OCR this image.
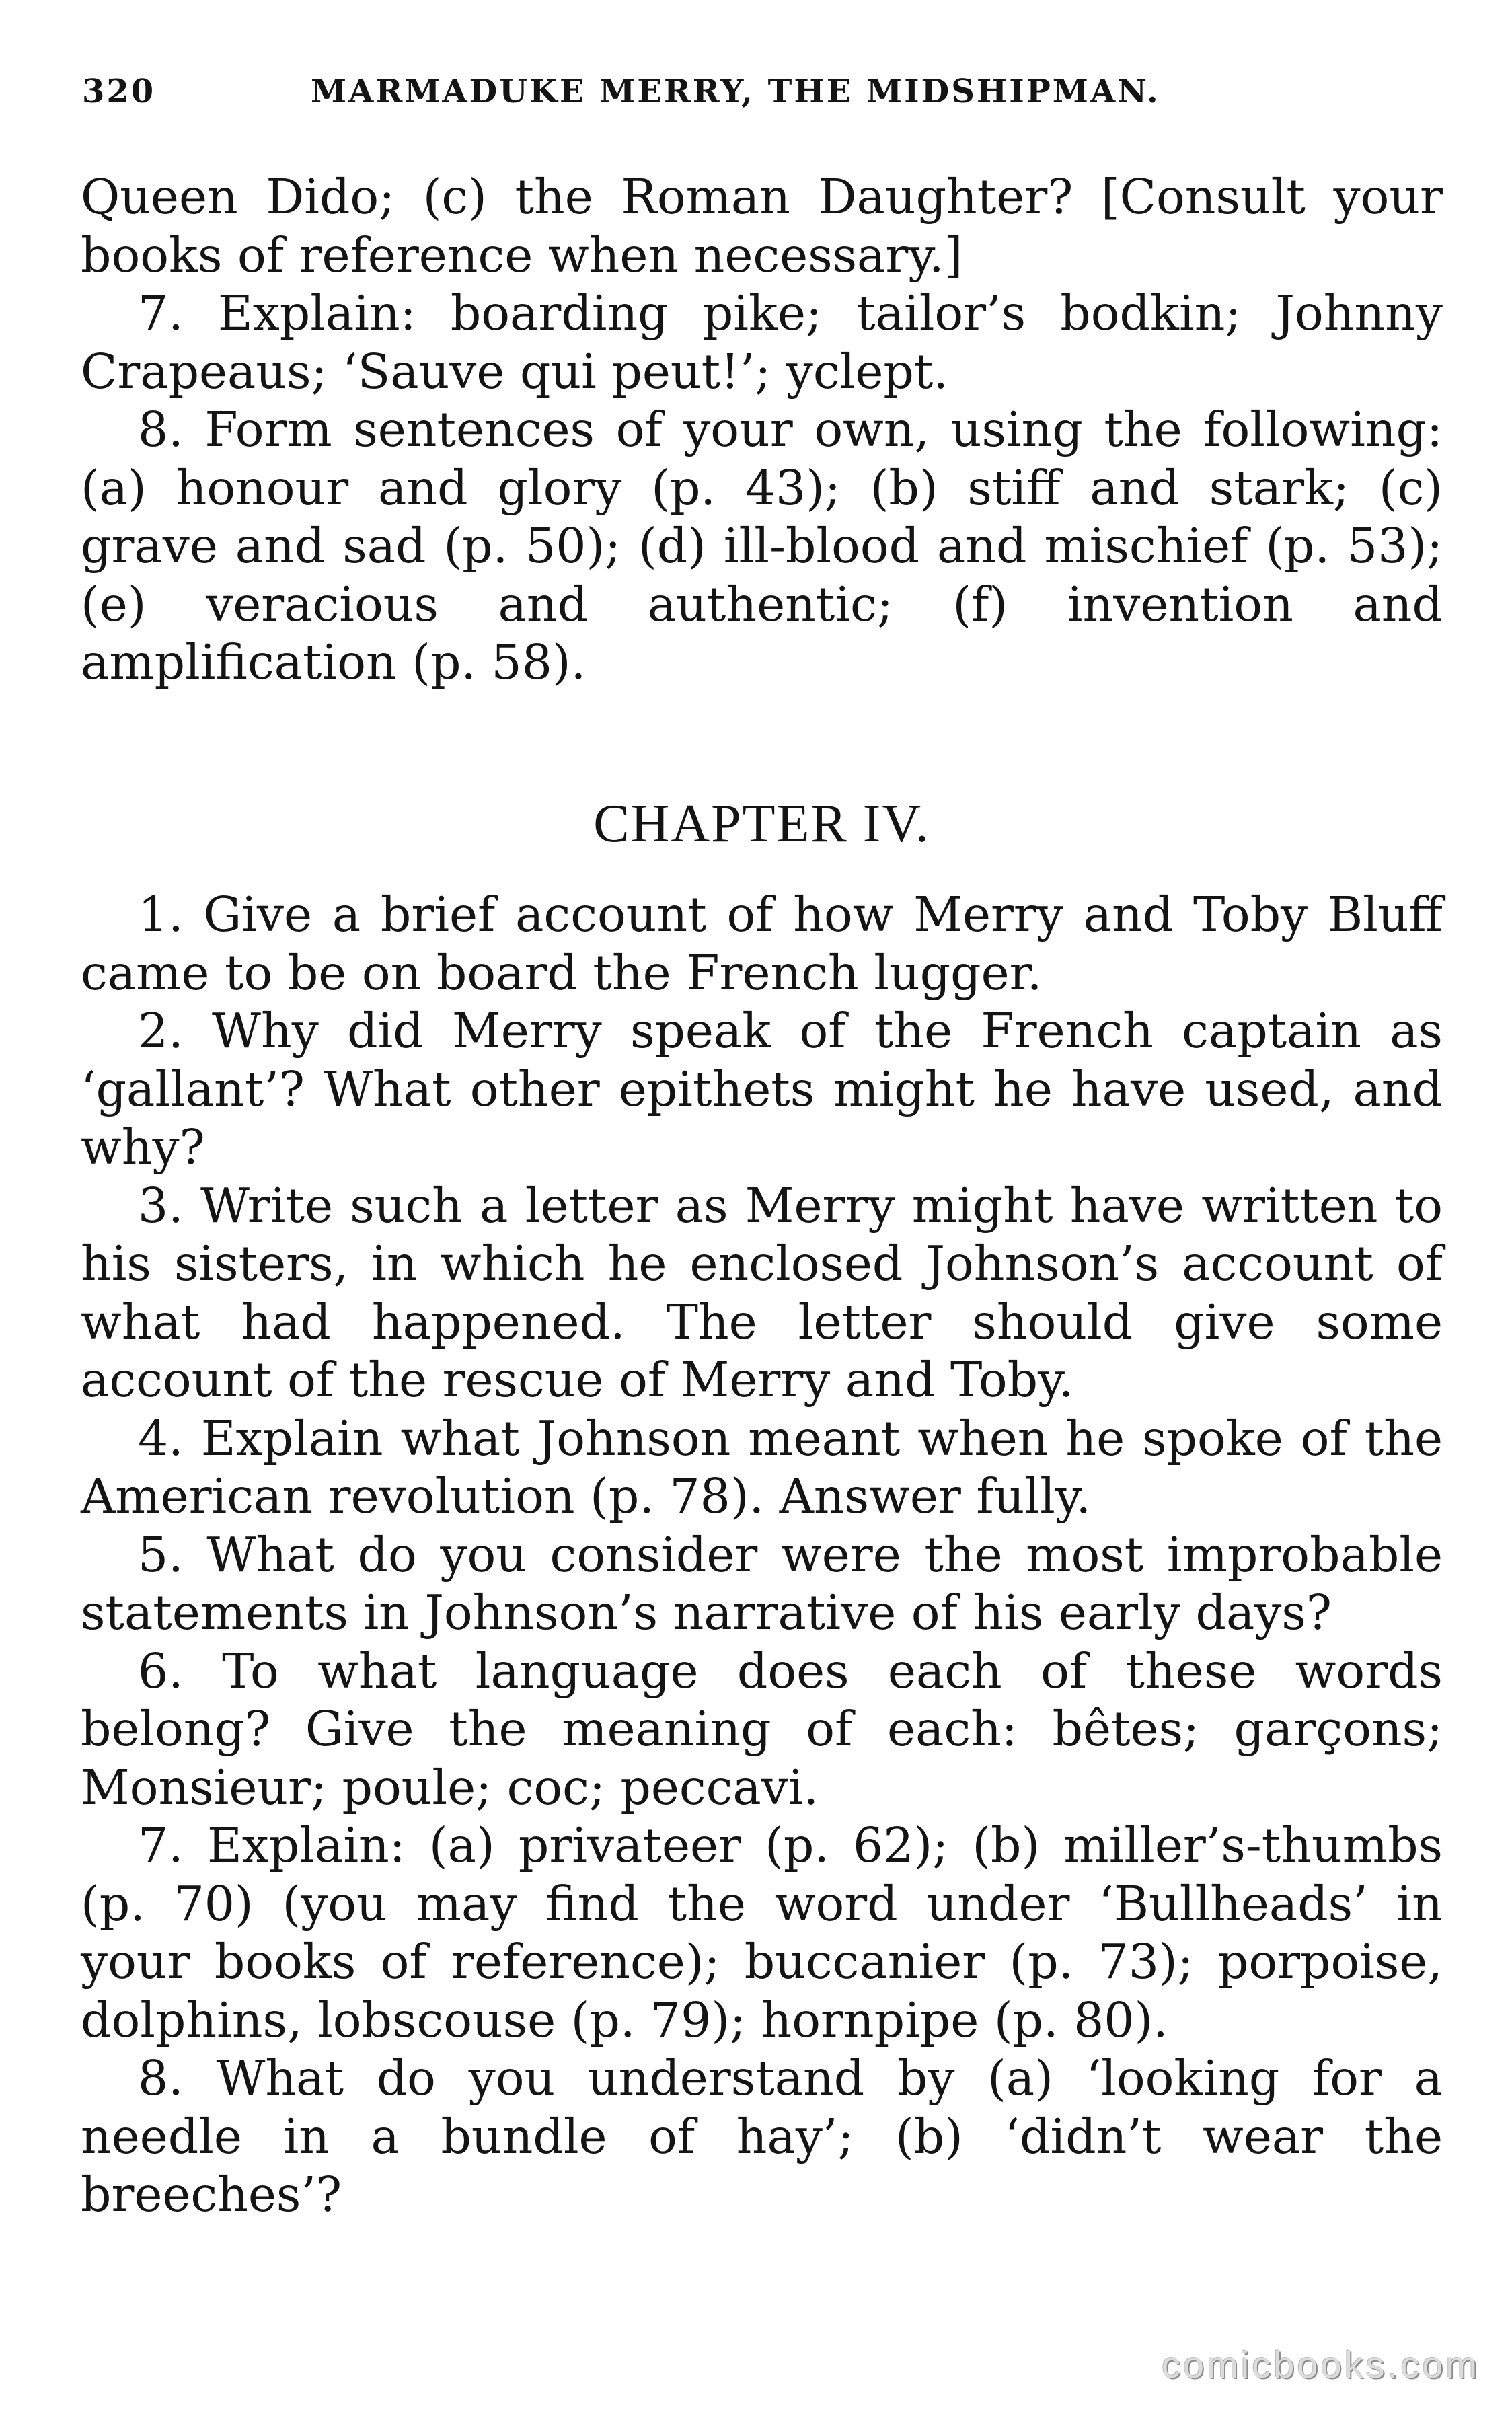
320	MARMADUKE MERRY, THE MIDSHIPMAN.

Queen Dido; (c) the Roman Daughter? [Consult your books of reference when necessary.]

7. Explain: boarding pike; tailor’s bodkin; Johnny Crapeaus; ‘Sauve qui peut!’; yclept.

8. Form sentences of your own, using the following: (a) honour and glory (p. 43); (b) stiff and stark; (c) grave and sad (p. 50); (d) ill-blood and mischief (p. 53); (e) veracious and authentic; (f) invention and amplification (p. 58).

CHAPTER IV.

1. Give a brief account of how Merry and Toby Bluff came to be on board the French lugger.

2. Why did Merry speak of the French captain as ‘gallant’? What other epithets might he have used, and why?

3. Write such a letter as Merry might have written to his sisters, in which he enclosed Johnson’s account of what had happened. The letter should give some account of the rescue of Merry and Toby.

4. Explain what Johnson meant when he spoke of the American revolution (p. 78). Answer fully.

5. What do you consider were the most improbable statements in Johnson’s narrative of his early days?

6. To what language does each of these words belong? Give the meaning of each: bêtes; garçons; Monsieur; poule; coc; peccavi.

7. Explain: (a) privateer (p. 62); (b) miller’s-thumbs (p. 70) (you may find the word under ‘Bullheads’ in your books of reference); buccanier (p. 73); porpoise, dolphins, lobscouse (p. 79); hornpipe (p. 80).

8. What do you understand by (a) ‘looking for a needle in a bundle of hay’; (b) ‘didn’t wear the breeches’?

comicbooks.com
